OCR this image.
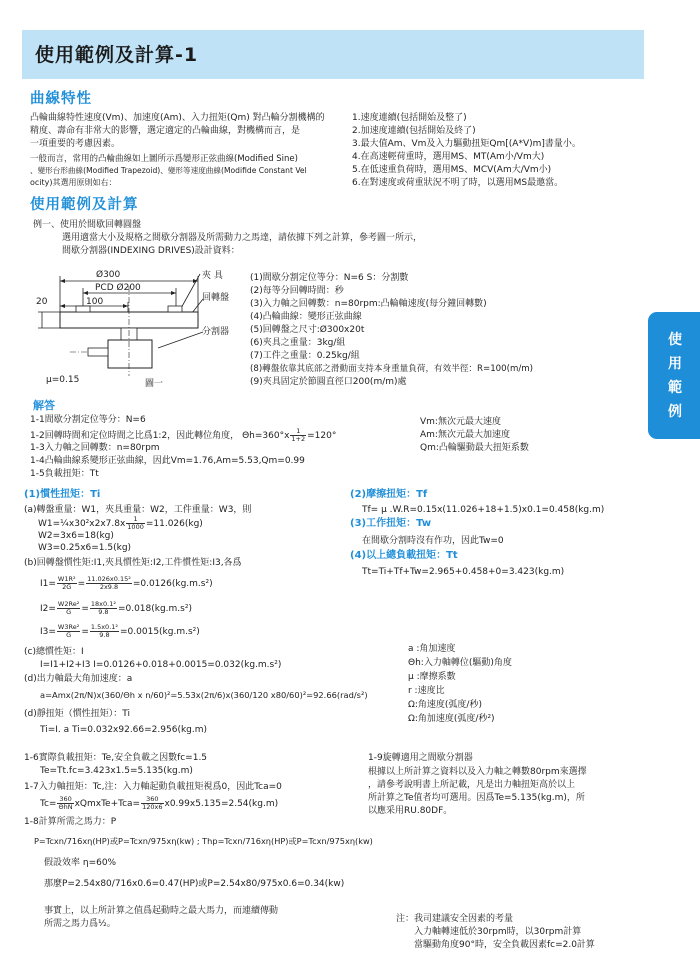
使用範例及計算-1
使
用
範
例
曲線特性
凸輪曲線特性速度(Vm)、加速度(Am)、入力扭矩(Qm) 對凸輪分割機構的
精度、壽命有非常大的影響，選定適定的凸輪曲線，對機構而言，是
一項重要的考慮因素。
一般而言，常用的凸輪曲線如上圖所示爲變形正弦曲線(Modified Sine)
、變形台形曲線(Modified Trapezoid)、變形等速度曲線(Modifide Constant Vel
ocity)其選用原則如右：
1.速度連續(包括開始及整了)
2.加速度連續(包括開始及終了)
3.最大值Am、Vm及入力驅動扭矩Qm[(A*V)m]書量小。
4.在高速輕荷重時，選用MS、MT(Am小/Vm大)
5.在低速重負荷時，選用MS、MCV(Am大/Vm小)
6.在對速度或荷重狀況不明了時，以選用MS最邀當。
使用範例及計算
例一、使用於間歇回轉圓盤
選用適當大小及規格之間歇分割器及所需動力之馬達，請依據下列之計算，參考圖一所示，
間歇分割器(INDEXING DRIVES)設計資料：
Ø300
PCD Ø200
20	100
夾 具
回轉盤
分割器
μ=0.15	圖一
(1)間歇分割定位等分：N=6 S：分割數
(2)每等分回轉時間：秒
(3)入力軸之回轉數：n=80rpm:凸輪軸速度(每分鐘回轉數)
(4)凸輪曲線：變形正弦曲線
(5)回轉盤之尺寸:Ø300x20t
(6)夾具之重量：3kg/組
(7)工件之重量：0.25kg/組
(8)轉盤依靠其底部之滑動面支持本身重量負荷，有效半徑：R=100(m/m)
(9)夾具固定於節圓直徑口200(m/m)處
解答
1-1間歇分割定位等分：N=6
1-2回轉時間和定位時間之比爲1:2，因此轉位角度， $\Theta h=360^\circ x \frac{1}{1+2} =120^\circ$
1-3入力軸之回轉數：n=80rpm
1-4凸輪曲線系變形正弦曲線，因此Vm=1.76,Am=5.53,Qm=0.99
1-5負載扭矩：Tt
Vm:無次元最大速度
Am:無次元最大加速度
Qm:凸輪驅動最大扭矩系數
(1)慣性扭矩：Ti
(a)轉盤重量：W1，夾具重量：W2，工件重量：W3，則
W1=¼x30²x2x7.8x $\frac{1}{1000} =11.026(kg)$
W2=3x6=18(kg)
W3=0.25x6=1.5(kg)
(b)回轉盤慣性矩:I1,夾具慣性矩:I2,工件慣性矩:I3,各爲
$I1= \frac{\text{W1R²}}{2G} = \frac{\text{11.026x0.15²}}{2x9.8} =0.0126(kg.m.s^2)$
$I2= \frac{\text{W2Re²}}{G} = \frac{\text{18x0.1²}}{9.8} =0.018(kg.m.s^2)$
$I3= \frac{\text{W3Re²}}{G} = \frac{\text{1.5x0.1²}}{9.8} =0.0015(kg.m.s^2)$
(c)總慣性矩：I
I=I1+I2+I3 I=0.0126+0.018+0.0015=0.032(kg.m.s²)
(d)出力軸最大角加速度：a
a=Amx(2π/N)x(360/Θh x n/60)²=5.53x(2π/6)x(360/120 x80/60)²=92.66(rad/s²)
(d)靜扭矩（慣性扭矩）：Ti
Ti=I. a Ti=0.032x92.66=2.956(kg.m)
(2)摩擦扭矩：Tf
Tf= μ .W.R=0.15x(11.026+18+1.5)x0.1=0.458(kg.m)
(3)工作扭矩：Tw
在間歇分割時沒有作功，因此Tw=0
(4)以上總負載扭矩：Tt
Tt=Ti+Tf+Tw=2.965+0.458+0=3.423(kg.m)
a :角加速度
Θh:入力軸轉位(驅動)角度
μ :摩擦系數
r :速度比
Ω:角速度(弧度/秒)
Ω:角加速度(弧度/秒²)
1-6實際負載扭矩：Te,安全負載之因數fc=1.5
Te=Tt.fc=3.423x1.5=5.135(kg.m)
1-7入力軸扭矩：Tc,注：入力軸起動負載扭矩視爲0，因此Tca=0
$Tc= \frac{360}{\text{ΘhN}}$ xQmxTe+Tca= $\frac{360}{120x6} x0.99x5.135=2.54(kg.m)$
1-8計算所需之馬力：P
P=Tcxn/716xη(HP)或P=Tcxn/975xη(kw) ; Thp=Tcxn/716xη(HP)或P=Tcxn/975xη(kw)
假設效率 η=60%
那麼P=2.54x80/716x0.6=0.47(HP)或P=2.54x80/975x0.6=0.34(kw)
事實上，以上所計算之值爲起動時之最大馬力，而連續傳動
所需之馬力爲½。
1-9旋轉適用之間歇分割器
根據以上所計算之資料以及入力軸之轉數80rpm來選擇
，請參考說明書上所記載，凡是出力軸扭矩高於以上
所計算之Te值者均可選用。因爲Te=5.135(kg.m)，所
以應采用RU.80DF。
注：我司建議安全因素的考量
入力軸轉速低於30rpm時，以30rpm計算
當驅動角度90°時，安全負載因素fc=2.0計算
